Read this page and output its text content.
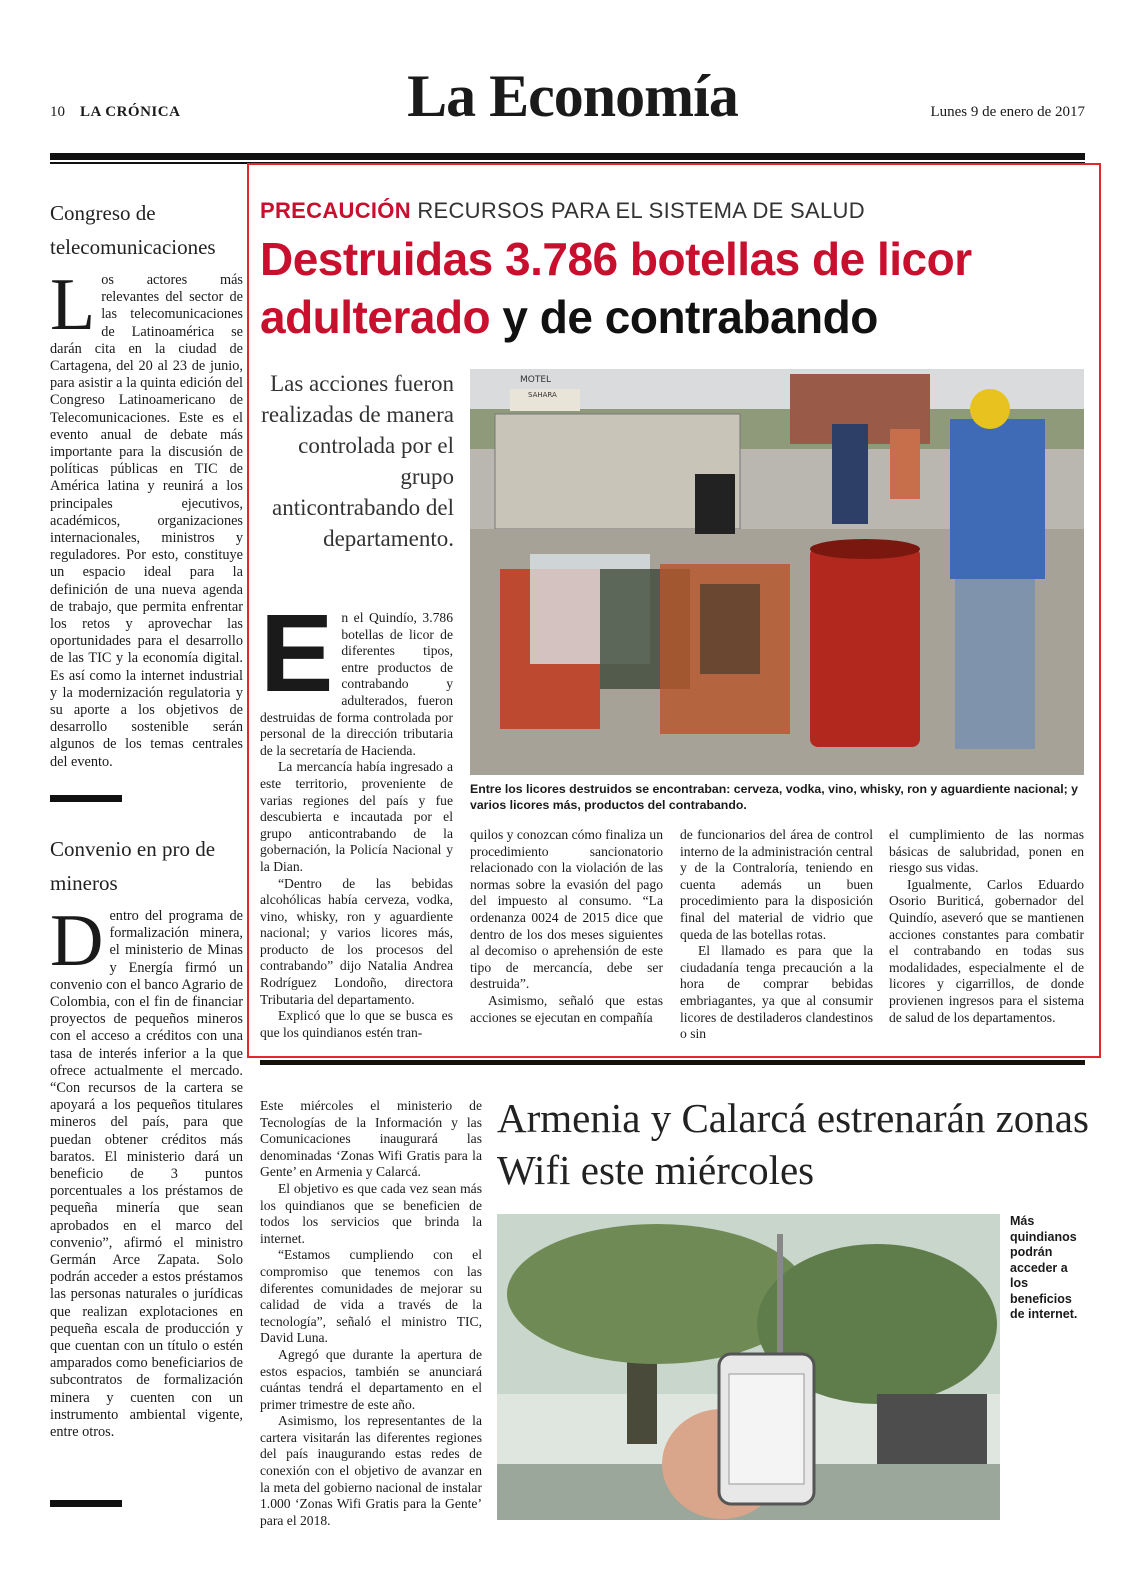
10 LA CRÓNICA	La Economía	Lunes 9 de enero de 2017
Congreso de telecomunicaciones
Los actores más relevantes del sector de las telecomunicaciones de Latinoamérica se darán cita en la ciudad de Cartagena, del 20 al 23 de junio, para asistir a la quinta edición del Congreso Latinoamericano de Telecomunicaciones. Este es el evento anual de debate más importante para la discusión de políticas públicas en TIC de América latina y reunirá a los principales ejecutivos, académicos, organizaciones internacionales, ministros y reguladores. Por esto, constituye un espacio ideal para la definición de una nueva agenda de trabajo, que permita enfrentar los retos y aprovechar las oportunidades para el desarrollo de las TIC y la economía digital. Es así como la internet industrial y la modernización regulatoria y su aporte a los objetivos de desarrollo sostenible serán algunos de los temas centrales del evento.
Convenio en pro de mineros
Dentro del programa de formalización minera, el ministerio de Minas y Energía firmó un convenio con el banco Agrario de Colombia, con el fin de financiar proyectos de pequeños mineros con el acceso a créditos con una tasa de interés inferior a la que ofrece actualmente el mercado. “Con recursos de la cartera se apoyará a los pequeños titulares mineros del país, para que puedan obtener créditos más baratos. El ministerio dará un beneficio de 3 puntos porcentuales a los préstamos de pequeña minería que sean aprobados en el marco del convenio”, afirmó el ministro Germán Arce Zapata. Solo podrán acceder a estos préstamos las personas naturales o jurídicas que realizan explotaciones en pequeña escala de producción y que cuentan con un título o estén amparados como beneficiarios de subcontratos de formalización minera y cuenten con un instrumento ambiental vigente, entre otros.
PRECAUCIÓN RECURSOS PARA EL SISTEMA DE SALUD
Destruidas 3.786 botellas de licor adulterado y de contrabando
Las acciones fueron realizadas de manera controlada por el grupo anticontrabando del departamento.
MOTEL
SAHARA
Entre los licores destruidos se encontraban: cerveza, vodka, vino, whisky, ron y aguardiente nacional; y varios licores más, productos del contrabando.
E n el Quindío, 3.786 botellas de licor de diferentes tipos, entre productos de contrabando y adulterados, fueron destruidas de forma controlada por personal de la dirección tributaria de la secretaría de Hacienda.

La mercancía había ingresado a este territorio, proveniente de varias regiones del país y fue descubierta e incautada por el grupo anticontrabando de la gobernación, la Policía Nacional y la Dian.

“Dentro de las bebidas alcohólicas había cerveza, vodka, vino, whisky, ron y aguardiente nacional; y varios licores más, producto de los procesos del contrabando” dijo Natalia Andrea Rodríguez Londoño, directora Tributaria del departamento.

Explicó que lo que se busca es que los quindianos estén tran-

quilos y conozcan cómo finaliza un procedimiento sancionatorio relacionado con la violación de las normas sobre la evasión del pago del impuesto al consumo. “La ordenanza 0024 de 2015 dice que dentro de los dos meses siguientes al decomiso o aprehensión de este tipo de mercancía, debe ser destruida”.

Asimismo, señaló que estas acciones se ejecutan en compañía

de funcionarios del área de control interno de la administración central y de la Contraloría, teniendo en cuenta además un buen procedimiento para la disposición final del material de vidrio que queda de las botellas rotas.

El llamado es para que la ciudadanía tenga precaución a la hora de comprar bebidas embriagantes, ya que al consumir licores de destiladeros clandestinos o sin

el cumplimiento de las normas básicas de salubridad, ponen en riesgo sus vidas.

Igualmente, Carlos Eduardo Osorio Buriticá, gobernador del Quindío, aseveró que se mantienen acciones constantes para combatir el contrabando en todas sus modalidades, especialmente el de licores y cigarrillos, de donde provienen ingresos para el sistema de salud de los departamentos.

Este miércoles el ministerio de Tecnologías de la Información y las Comunicaciones inaugurará las denominadas ‘Zonas Wifi Gratis para la Gente’ en Armenia y Calarcá.

El objetivo es que cada vez sean más los quindianos que se beneficien de todos los servicios que brinda la internet.

“Estamos cumpliendo con el compromiso que tenemos con las diferentes comunidades de mejorar su calidad de vida a través de la tecnología”, señaló el ministro TIC, David Luna.

Agregó que durante la apertura de estos espacios, también se anunciará cuántas tendrá el departamento en el primer trimestre de este año.

Asimismo, los representantes de la cartera visitarán las diferentes regiones del país inaugurando estas redes de conexión con el objetivo de avanzar en la meta del gobierno nacional de instalar 1.000 ‘Zonas Wifi Gratis para la Gente’ para el 2018.

Armenia y Calarcá estrenarán zonas Wifi este miércoles
Más quindianos podrán acceder a los beneficios de internet.
